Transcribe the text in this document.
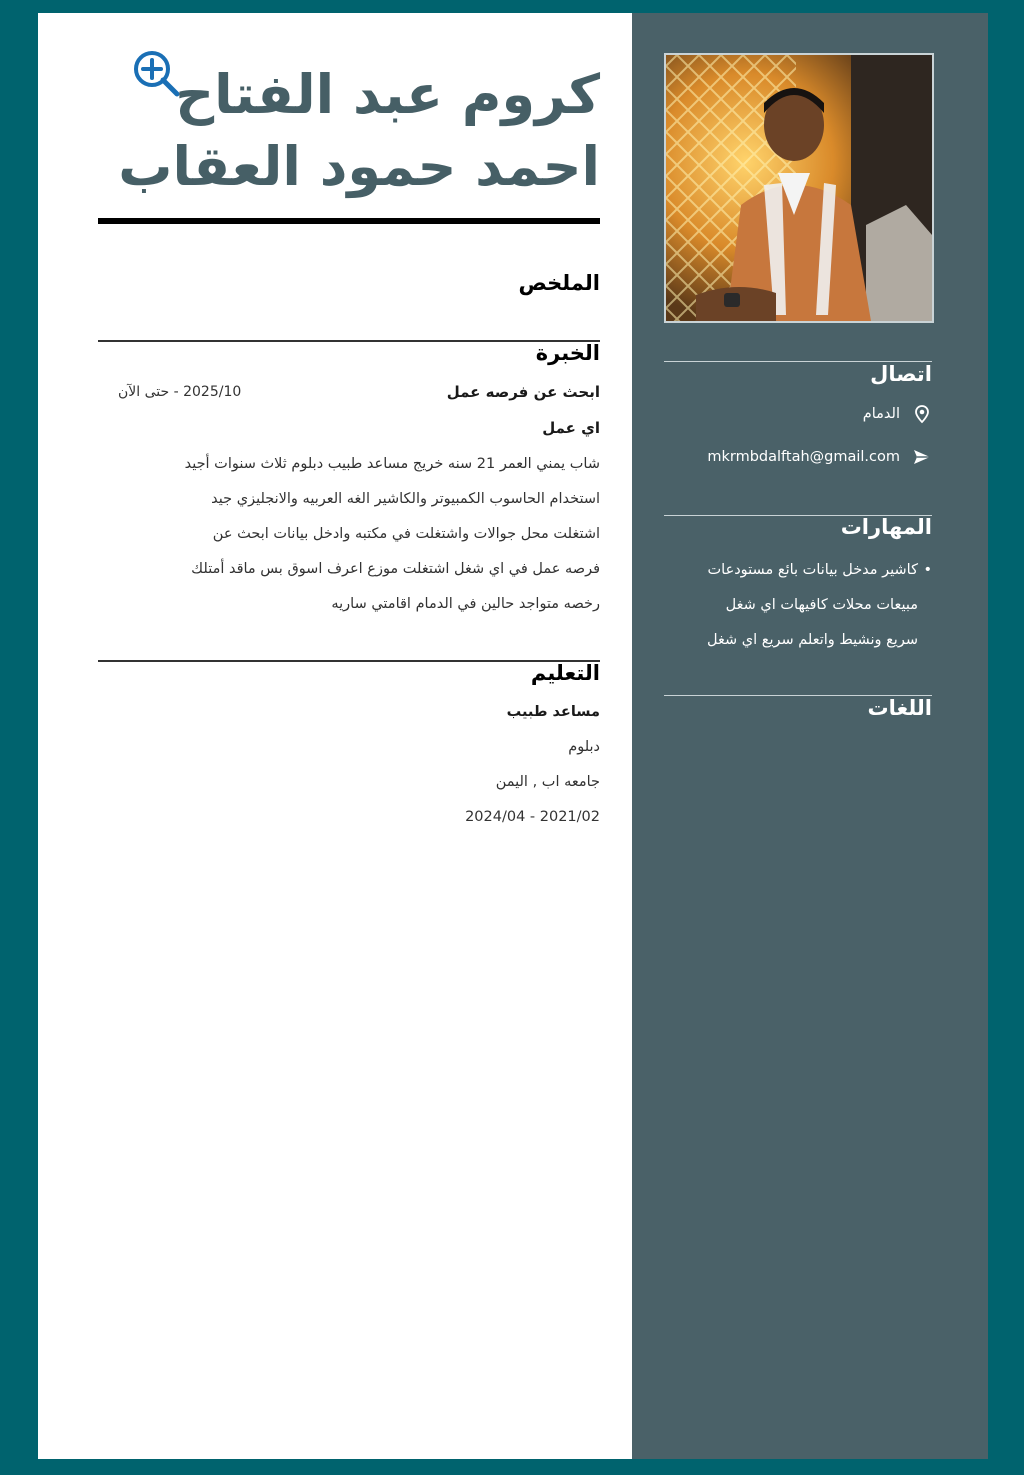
كروم عبد الفتاح
احمد حمود العقاب
الملخص
الخبرة
ابحث عن فرصه عمل
2025/10 - حتى الآن
اي عمل
شاب يمني العمر 21 سنه خريج مساعد طبيب دبلوم ثلاث سنوات أجيد
استخدام الحاسوب الكمبيوتر والكاشير الغه العربيه والانجليزي جيد
اشتغلت محل جوالات واشتغلت في مكتبه وادخل بيانات ابحث عن
فرصه عمل في اي شغل اشتغلت موزع اعرف اسوق بس ماقد أمتلك
رخصه متواجد حالين في الدمام اقامتي ساريه
التعليم
مساعد طبيب
دبلوم
جامعه اب , اليمن
2024/04 - 2021/02
اتصال
الدمام
mkrmbdalftah@gmail.com
المهارات
•كاشير مدخل بيانات بائع مستودعات
مبيعات محلات كافيهات اي شغل
سريع ونشيط واتعلم سريع اي شغل
اللغات
